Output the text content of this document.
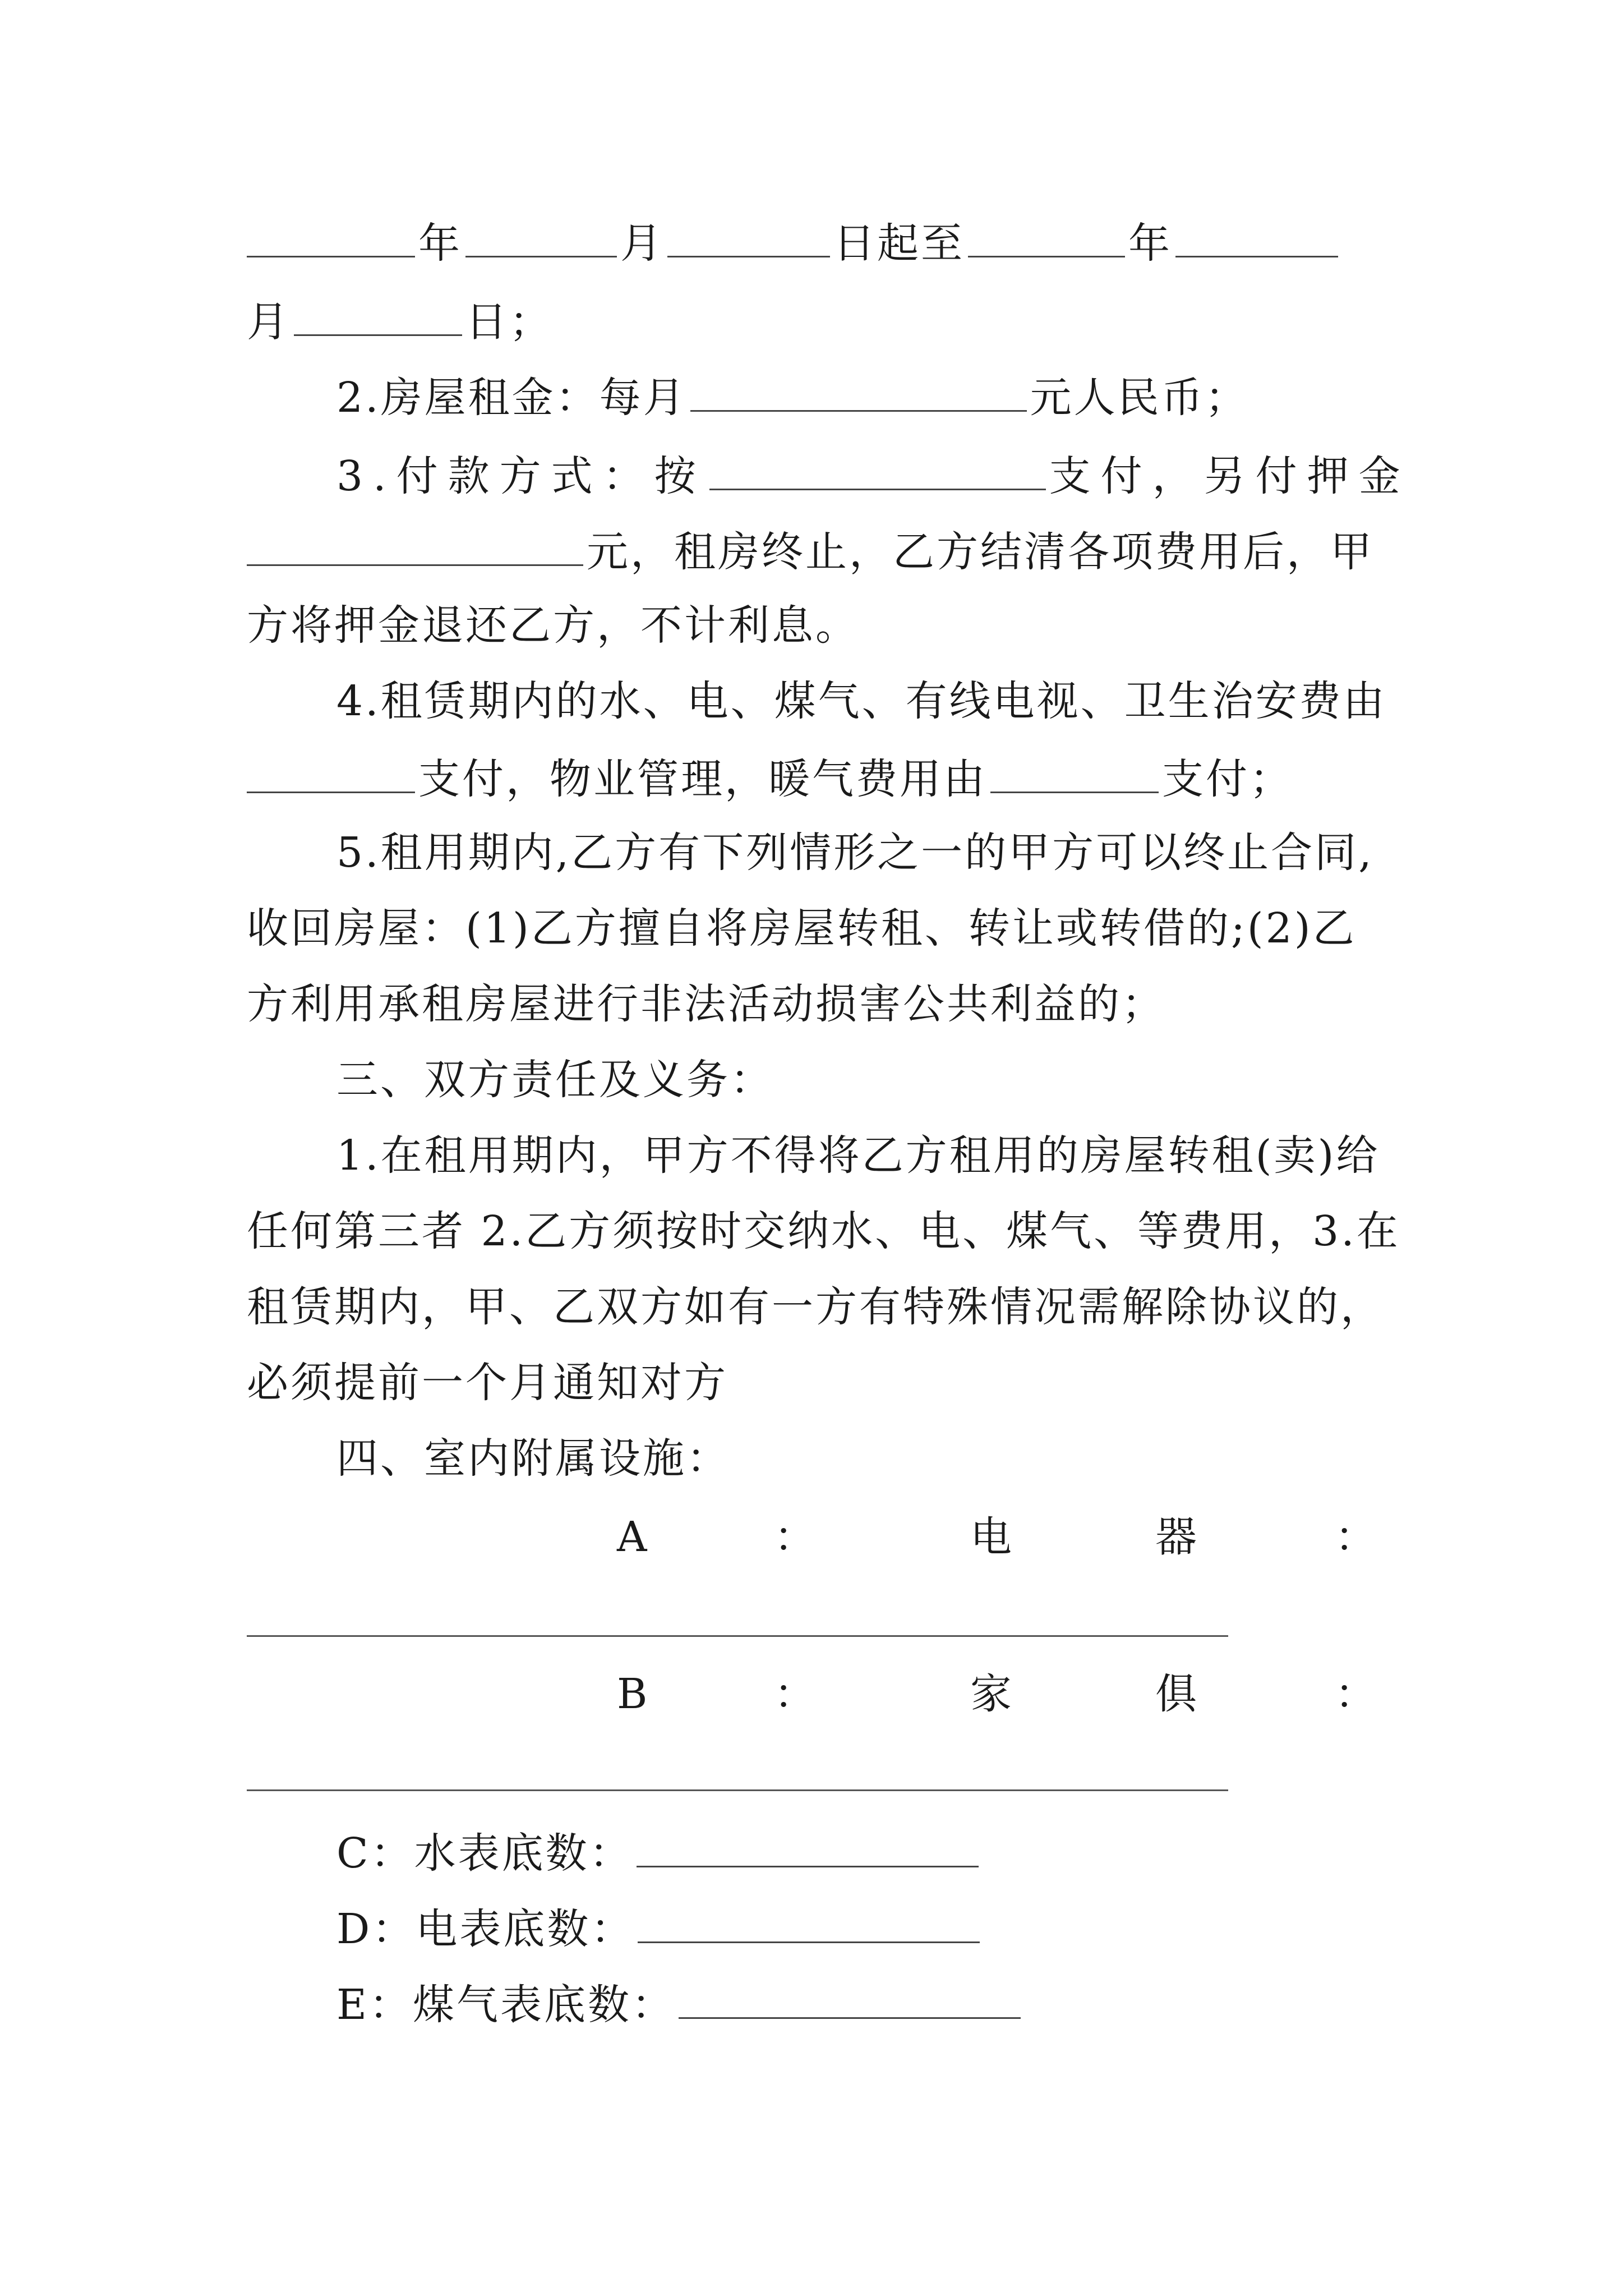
年	月	日起至	年
月	日；
2.房屋租金：每月	元人民币；
3.付款方式：按	支付，另付押金
元，租房终止，乙方结清各项费用后，甲
方将押金退还乙方，不计利息。
4.租赁期内的水、电、煤气、有线电视、卫生治安费由
支付，物业管理，暖气费用由	支付；
5.租用期内,乙方有下列情形之一的甲方可以终止合同,
收回房屋：(1)乙方擅自将房屋转租、转让或转借的;(2)乙
方利用承租房屋进行非法活动损害公共利益的；
三、双方责任及义务：
1.在租用期内，甲方不得将乙方租用的房屋转租(卖)给
任何第三者 2.乙方须按时交纳水、电、煤气、等费用，3.在
租赁期内，甲、乙双方如有一方有特殊情况需解除协议的，
必须提前一个月通知对方
四、室内附属设施：
A	：	电	器	：
B	：	家	俱	：
C：水表底数：
D：电表底数：
E：煤气表底数：
